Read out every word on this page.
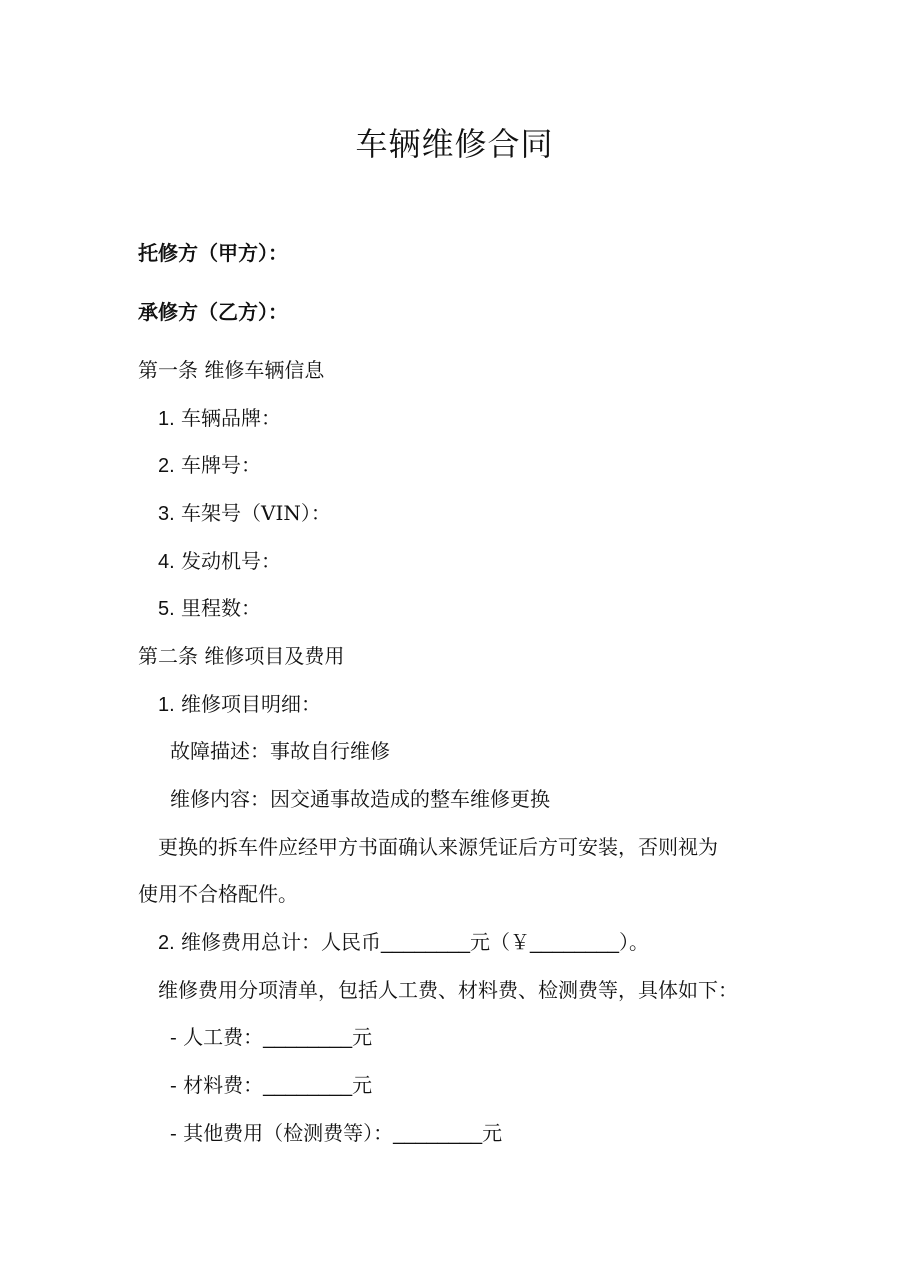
车辆维修合同
托修方（甲方）：
承修方（乙方）：
第一条 维修车辆信息
1. 车辆品牌：
2. 车牌号：
3. 车架号（VIN）：
4. 发动机号：
5. 里程数：
第二条 维修项目及费用
1. 维修项目明细：
故障描述：事故自行维修
维修内容：因交通事故造成的整车维修更换
更换的拆车件应经甲方书面确认来源凭证后方可安装，否则视为
使用不合格配件。
2. 维修费用总计：人民币________元（￥________）。
维修费用分项清单，包括人工费、材料费、检测费等，具体如下：
- 人工费：________元
- 材料费：________元
- 其他费用（检测费等）：________元
